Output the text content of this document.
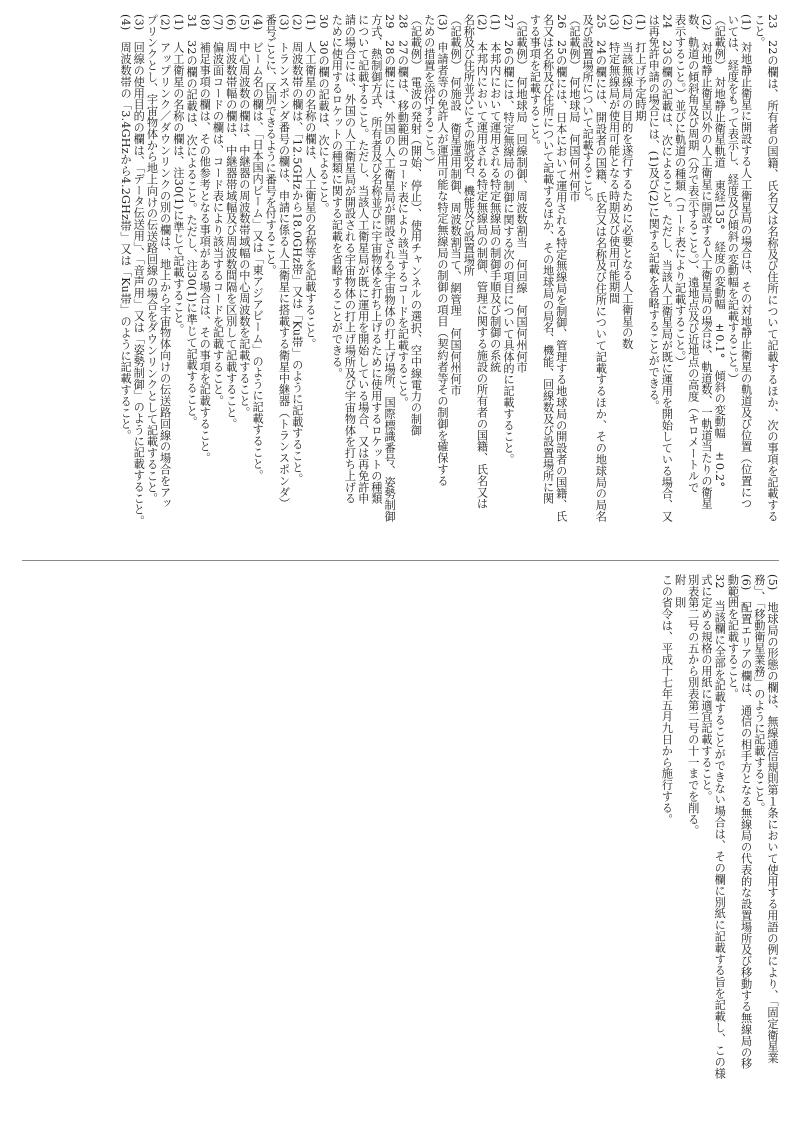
23　22の欄は、所有者の国籍、氏名又は名称及び住所について記載するほか、次の事項を記載する
こと。
(1)　対地静止衛星に開設する人工衛星局の場合は、その対地静止衛星の軌道及び位置（位置につ
いては、経度をもって表示し、経度及び傾斜の変動幅を記載すること。）
（記載例）　対地静止衛星軌道　東経135°　経度の変動幅　±0.1°　傾斜の変動幅　±0.2°
(2)　対地静止衛星以外の人工衛星に開設する人工衛星局の場合は、軌道数、一軌道当たりの衛星
数、軌道の傾斜角及び周期（分で表示すること。）、遠地点及び近地点の高度（キロメートルで
表示すること。）並びに軌道の種類（コード表により記載すること。）
24　23の欄の記載は、次によること。ただし、当該人工衛星局が既に運用を開始している場合、又
は再免許申請の場合には、(1)及び(2)に関する記載を省略することができる。
(1)　打上げ予定時期
(2)　当該無線局の目的を遂行するために必要となる人工衛星の数
(3)　特定無線局が使用可能となる時期及び使用可能期間
25　24の欄には、開設者の国籍、氏名又は名称及び住所について記載するほか、その地球局の局名
及び設置場所について記載すること。
（記載例）　何地球局　何国何州何市
26　25の欄には、日本において運用される特定無線局を制御、管理する地球局の開設者の国籍、氏
名又は名称及び住所について記載するほか、その地球局の局名、機能、回線数及び設置場所に関
する事項を記載すること。
（記載例）　何地球局　回線制御、周波数割当　何回線　何国何州何市
27　26の欄には、特定無線局の制御に関する次の項目について具体的に記載すること。
(1)　本邦内において運用される特定無線局の制御手順及び制御の系統
(2)　本邦内において運用される特定無線局の制御、管理に関する施設の所有者の国籍、氏名又は
名称及び住所並びにその施設名、機能及び設置場所
（記載例）　何施設　衛星運用制御、周波数割当て、網管理　何国何州何市
(3)　申請者等の免許人が運用可能な特定無線局の制御の項目（契約者等その制御を確保する
ための措置を添付すること。）
（記載例）　電波の発射（開始、停止）、使用チャンネルの選択、空中線電力の制御
28　27の欄は、移動範囲のコード表により該当するコードを記載すること。
29　28の欄には、外国の人工衛星局が開設される宇宙物体の打上げ場所、国際標識番号、姿勢制御
方式、熱制御方式、所有者及び名称並びに宇宙物体を打ち上げるために使用するロケットの種類
について記載すること。ただし、当該人工衛星局が既に運用を開始している場合、又は再免許申
請の場合には、外国の人工衛星局が開設される宇宙物体の打上げ場所及び宇宙物体を打ち上げる
ために使用するロケットの種類に関する記載を省略することができる。
30　30の欄の記載は、次によること。
(1)　人工衛星の名称の欄は、人工衛星の名称等を記載すること。
(2)　周波数帯の欄は、「12.5GHzから18.0GHz帯」又は「Ku帯」のように記載すること。
(3)　トランスポンダ番号の欄は、申請に係る人工衛星に搭載する衛星中継器（トランスポンダ）
番号ごとに、区別できるように番号を付すること。
(4)　ビーム名の欄は、「日本国内ビーム」又は「東アジアビーム」のように記載すること。
(5)　中心周波数の欄は、中継器の周波数帯域幅の中心周波数を記載すること。
(6)　周波数帯幅の欄は、中継器帯域幅及び周波数間隔を区別して記載すること。
(7)　偏波面コードの欄は、コード表により該当するコードを記載すること。
(8)　補足事項の欄は、その他参考となる事項がある場合は、その事項を記載すること。
31　32の欄の記載は、次によること。ただし、注30(1)に準じて記載すること。
(1)　人工衛星の名称の欄は、注30(1)に準じて記載すること。
(2)　アップリンク／ダウンリンクの別の欄は、地上から宇宙物体向けの伝送路回線の場合をアッ
プリンクとし、宇宙物体から地上向けの伝送路回線の場合をダウンリンクとして記載すること。
(3)　回線の使用目的の欄は、「データ伝送用」、「音声用」又は「姿勢制御」のように記載すること。
(4)　周波数帯の「3.4GHzから4.2GHz帯」又は「Ku帯」のように記載すること。
(5)　地球局の形態の欄は、無線通信規則第１条において使用する用語の例により、「固定衛星業
務」、「移動衛星業務」のように記載すること。
(6)　配置エリアの欄は、通信の相手方となる無線局の代表的な設置場所及び移動する無線局の移
動範囲を記載すること。
32　当該欄に全部を記載することができない場合は、その欄に別紙に記載する旨を記載し、この様
式に定める規格の用紙に適宜記載すること。
別表第二号の五から別表第二号の十一までを削る。
附　則
この省令は、平成十七年五月九日から施行する。
